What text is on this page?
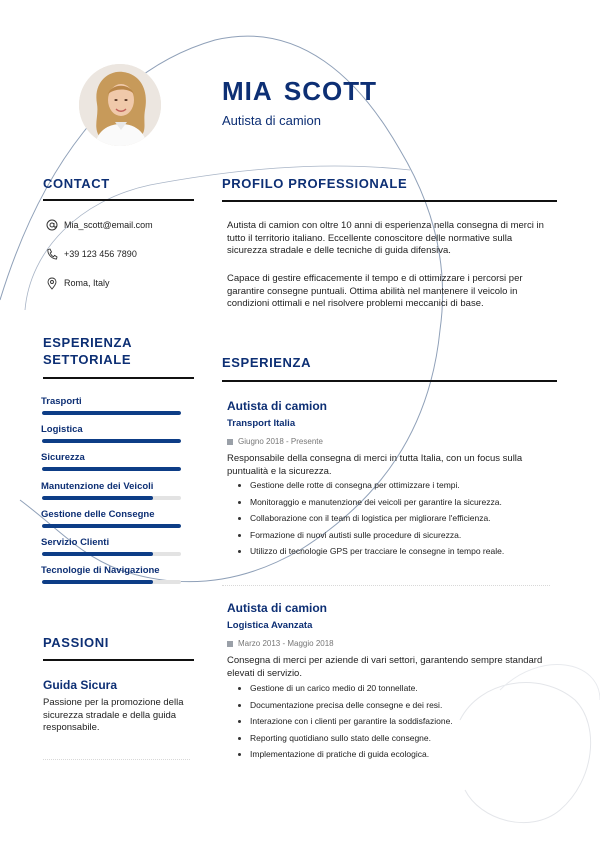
MIA SCOTT
Autista di camion
CONTACT
Mia_scott@email.com
+39 123 456 7890
Roma, Italy
ESPERIENZA
SETTORIALE
Trasporti
Logistica
Sicurezza
Manutenzione dei Veicoli
Gestione delle Consegne
Servizio Clienti
Tecnologie di Navigazione
PASSIONI
Guida Sicura
Passione per la promozione della sicurezza stradale e della guida responsabile.
PROFILO PROFESSIONALE
Autista di camion con oltre 10 anni di esperienza nella consegna di merci in tutto il territorio italiano. Eccellente conoscitore delle normative sulla sicurezza stradale e delle tecniche di guida difensiva.
Capace di gestire efficacemente il tempo e di ottimizzare i percorsi per garantire consegne puntuali. Ottima abilità nel mantenere il veicolo in condizioni ottimali e nel risolvere problemi meccanici di base.
ESPERIENZA
Autista di camion
Transport Italia
Giugno 2018 - Presente
Responsabile della consegna di merci in tutta Italia, con un focus sulla puntualità e la sicurezza.
Gestione delle rotte di consegna per ottimizzare i tempi.
Monitoraggio e manutenzione dei veicoli per garantire la sicurezza.
Collaborazione con il team di logistica per migliorare l'efficienza.
Formazione di nuovi autisti sulle procedure di sicurezza.
Utilizzo di tecnologie GPS per tracciare le consegne in tempo reale.
Autista di camion
Logistica Avanzata
Marzo 2013 - Maggio 2018
Consegna di merci per aziende di vari settori, garantendo sempre standard elevati di servizio.
Gestione di un carico medio di 20 tonnellate.
Documentazione precisa delle consegne e dei resi.
Interazione con i clienti per garantire la soddisfazione.
Reporting quotidiano sullo stato delle consegne.
Implementazione di pratiche di guida ecologica.
